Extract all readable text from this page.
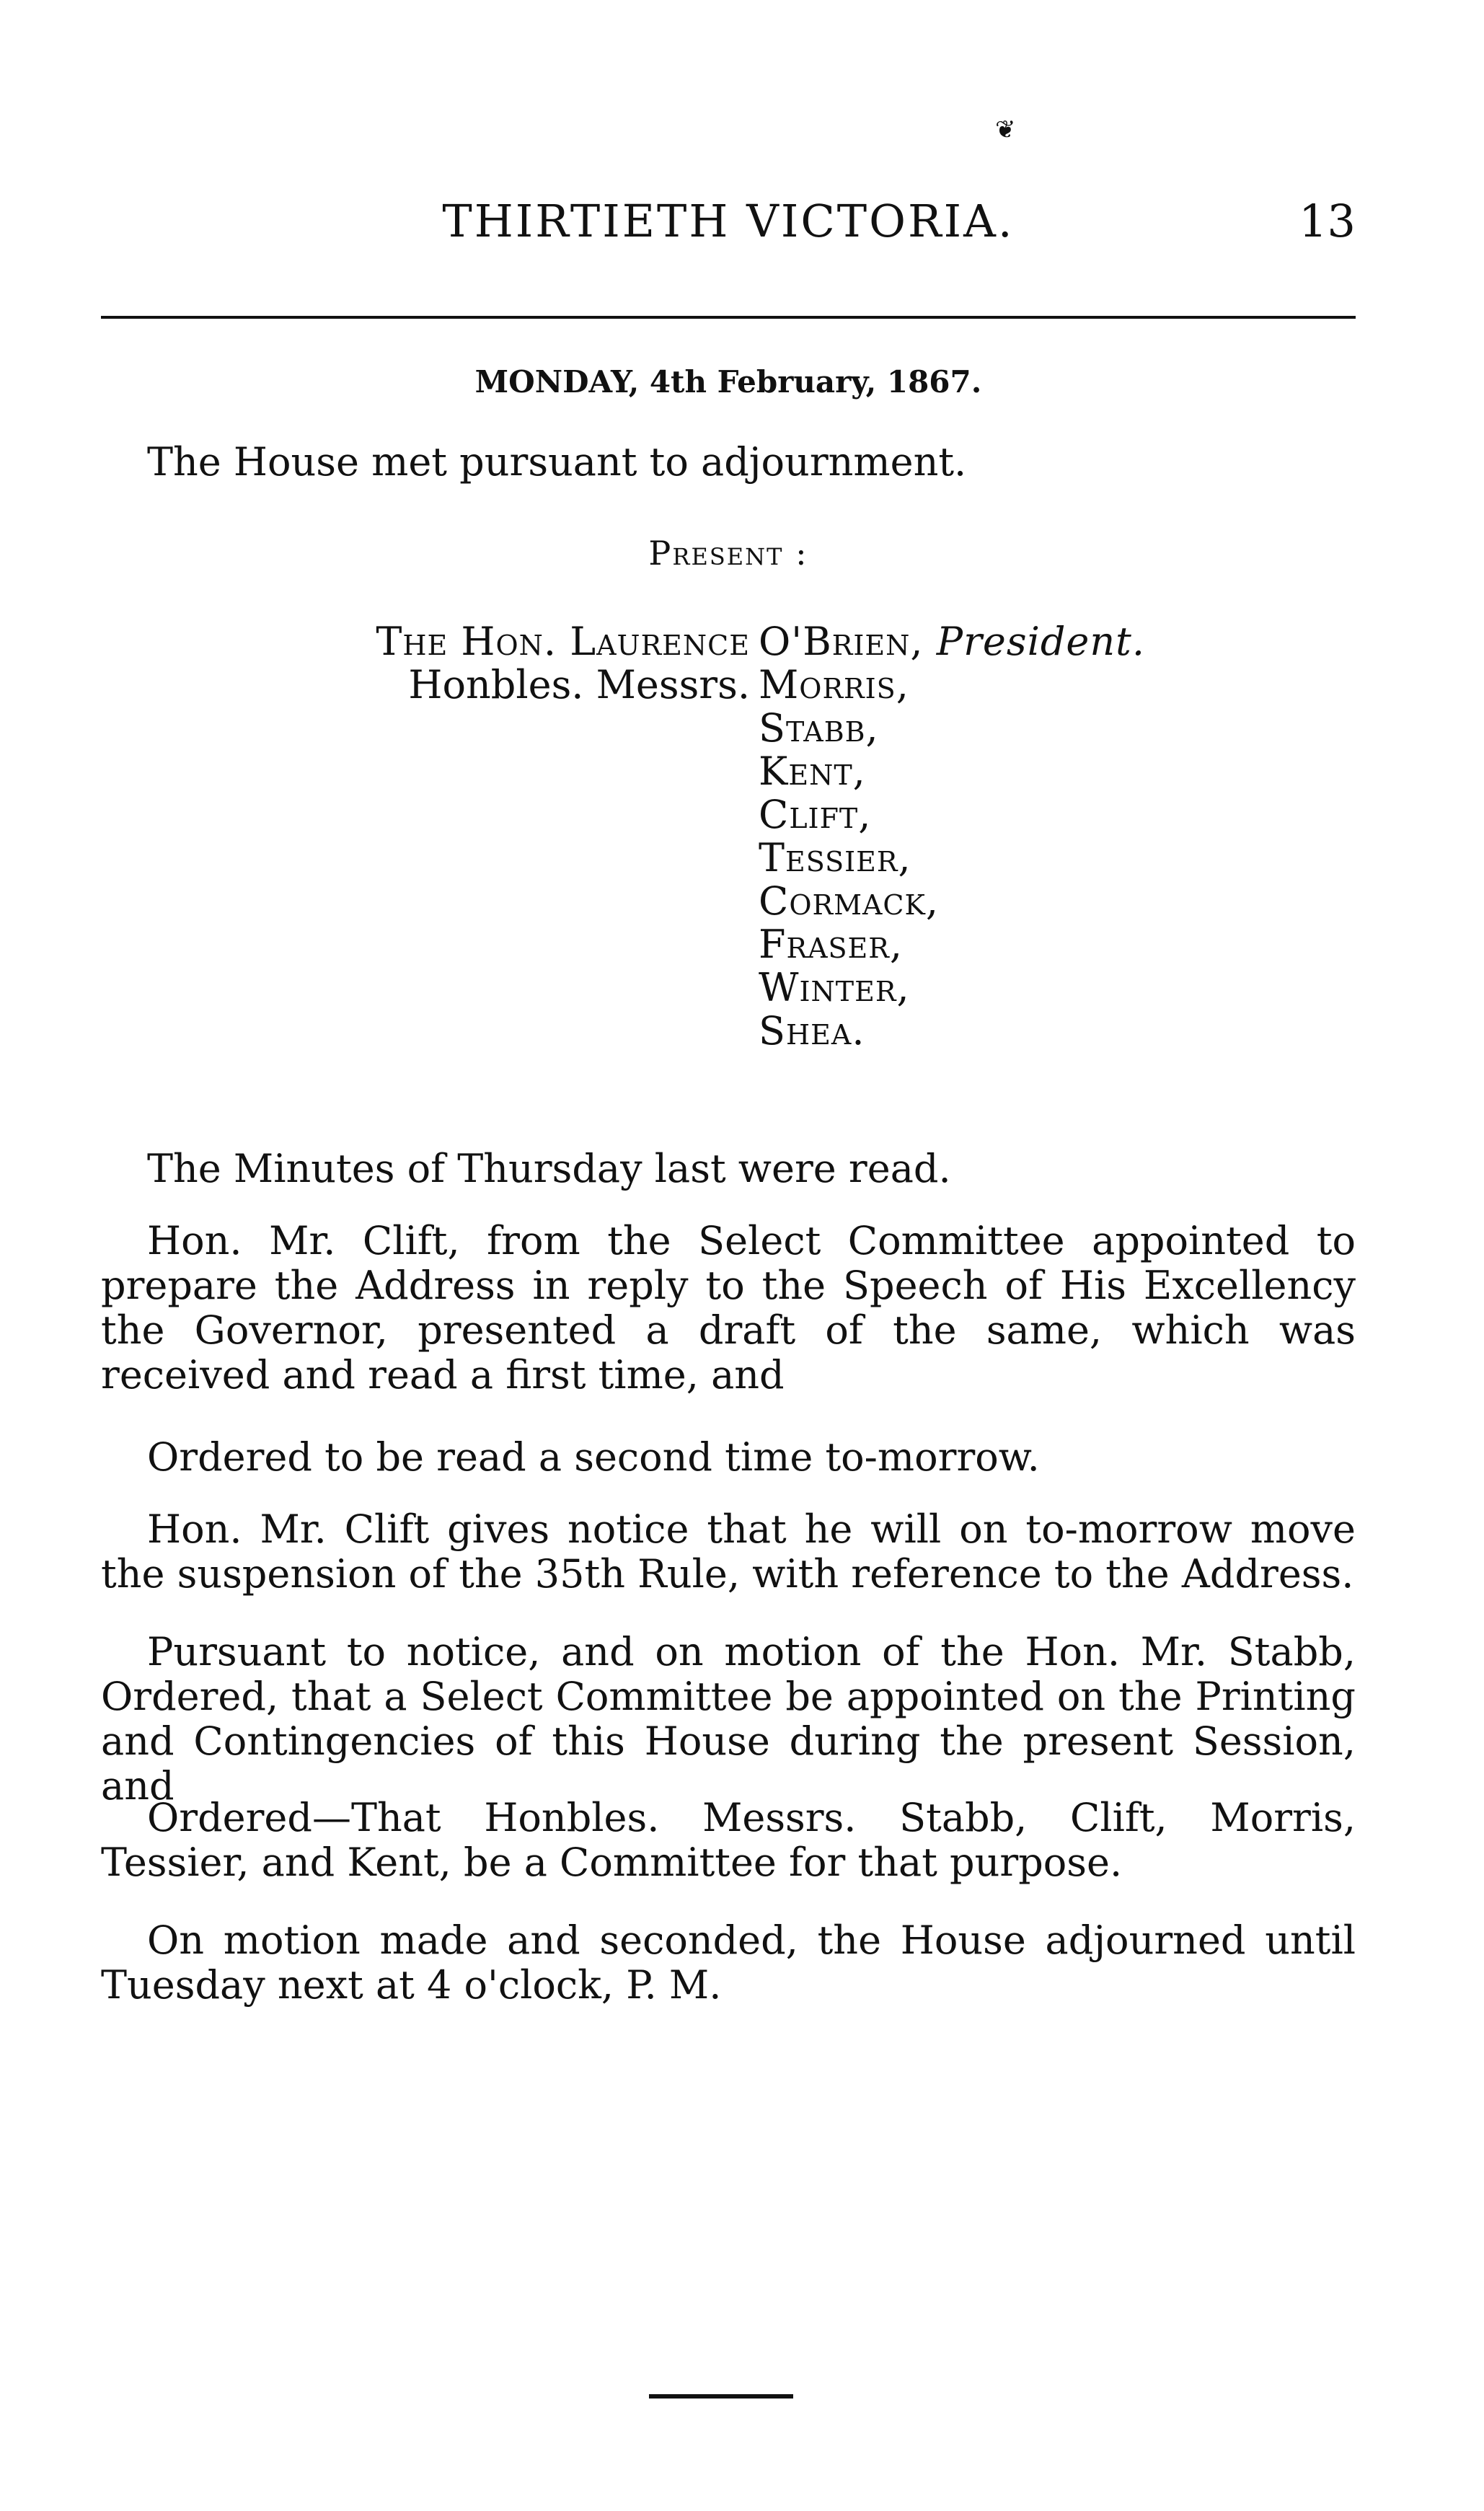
❦
THIRTIETH VICTORIA.	13
MONDAY, 4th February, 1867.
The House met pursuant to adjournment.
Present :
The Hon. Laurence O'Brien, President.
Honbles. Messrs. Morris,
Stabb,
Kent,
Clift,
Tessier,
Cormack,
Fraser,
Winter,
Shea.
The Minutes of Thursday last were read.
Hon. Mr. Clift, from the Select Committee appointed to prepare the Address in reply to the Speech of His Excellency the Governor, presented a draft of the same, which was received and read a first time, and
Ordered to be read a second time to-morrow.
Hon. Mr. Clift gives notice that he will on to-morrow move the suspension of the 35th Rule, with reference to the Address.
Pursuant to notice, and on motion of the Hon. Mr. Stabb, Ordered, that a Select Committee be appointed on the Printing and Contingencies of this House during the present Session, and
Ordered—That Honbles. Messrs. Stabb, Clift, Morris, Tessier, and Kent, be a Committee for that purpose.
On motion made and seconded, the House adjourned until Tuesday next at 4 o'clock, P. M.
